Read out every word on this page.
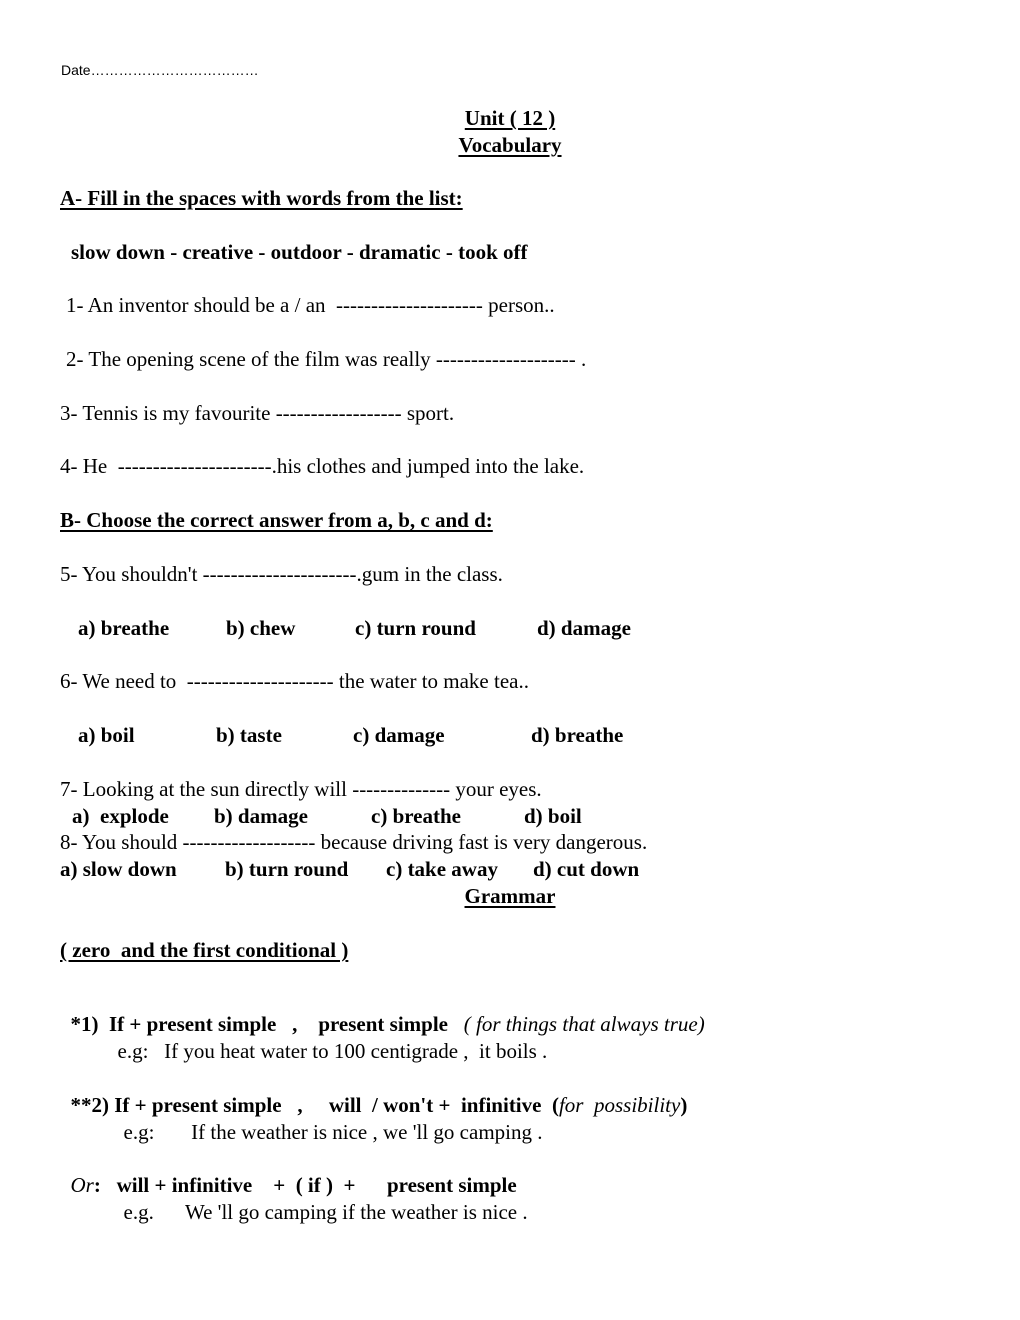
Date………………………………
Unit ( 12 )
Vocabulary
A- Fill in the spaces with words from the list:
slow down - creative - outdoor - dramatic - took off
1- An inventor should be a / an  --------------------- person..
2- The opening scene of the film was really -------------------- .
3- Tennis is my favourite ------------------ sport.
4- He  ----------------------.his clothes and jumped into the lake.
B- Choose the correct answer from a, b, c and d:
5- You shouldn't ----------------------.gum in the class.
a) breathe	b) chew	c) turn round	d) damage
6- We need to  --------------------- the water to make tea..
a) boil	b) taste	c) damage	d) breathe
7- Looking at the sun directly will -------------- your eyes.
a)  explode b) damage	c) breathe	d) boil
8- You should ------------------- because driving fast is very dangerous.
a) slow down b) turn round c) take away d) cut down
Grammar
( zero  and the first conditional )

*1)  If + present simple   ,    present simple   ( for things that always true)

e.g: If you heat water to 100 centigrade ,  it boils .

**2) If + present simple   ,     will  / won't +  infinitive  (for  possibility)

e.g: If the weather is nice , we 'll go camping .

Or:   will + infinitive    +  ( if )  +      present simple

e.g. We 'll go camping if the weather is nice .
